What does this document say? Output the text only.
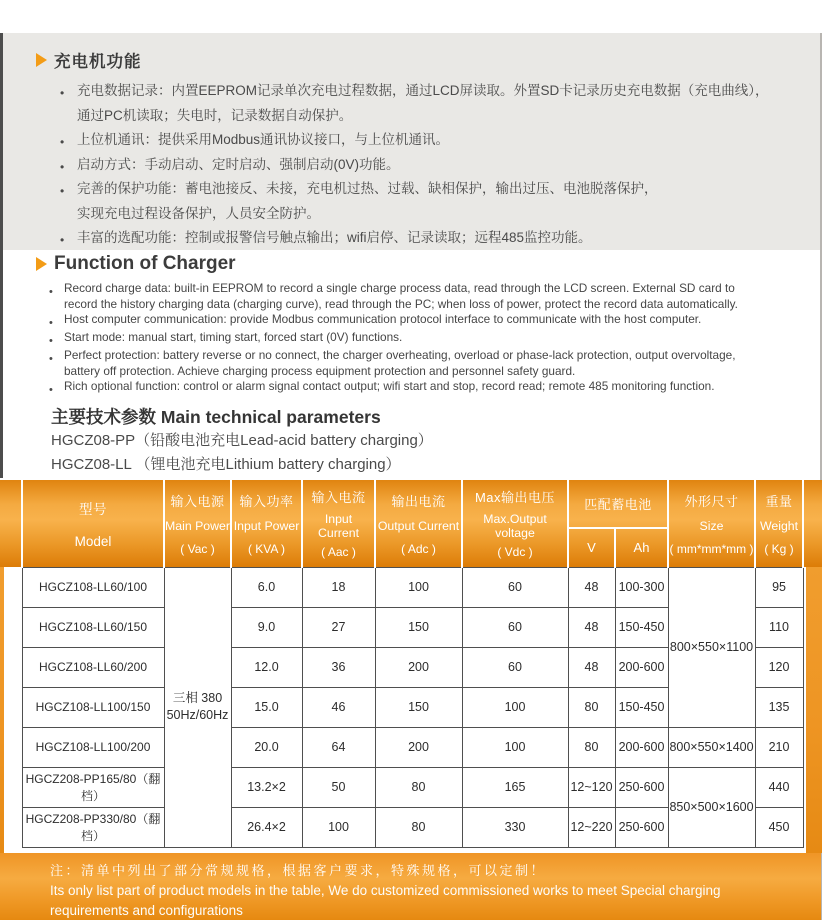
充电机功能
•
充电数据记录：内置EEPROM记录单次充电过程数据，通过LCD屏读取。外置SD卡记录历史充电数据（充电曲线），
通过PC机读取；失电时，记录数据自动保护。
•
上位机通讯：提供采用Modbus通讯协议接口，与上位机通讯。
•
启动方式：手动启动、定时启动、强制启动(0V)功能。
•
完善的保护功能：蓄电池接反、未接，充电机过热、过载、缺相保护，输出过压、电池脱落保护，
实现充电过程设备保护，人员安全防护。
•
丰富的选配功能：控制或报警信号触点输出；wifi启停、记录读取；远程485监控功能。
Function of Charger
•
Record charge data: built-in EEPROM to record a single charge process data, read through the LCD screen. External SD card to
record the history charging data (charging curve), read through the PC; when loss of power, protect the record data automatically.
•
Host computer communication: provide Modbus communication protocol interface to communicate with the host computer.
•
Start mode: manual start, timing start, forced start (0V) functions.
•
Perfect protection: battery reverse or no connect, the charger overheating, overload or phase-lack protection, output overvoltage,
battery off protection. Achieve charging process equipment protection and personnel safety guard.
•
Rich optional function: control or alarm signal contact output; wifi start and stop, record read; remote 485 monitoring function.
主要技术参数 Main technical parameters
HGCZ08-PP（铅酸电池充电Lead-acid battery charging）
HGCZ08-LL （锂电池充电Lithium battery charging）
型号
Model	输入电源
Main Power
( Vac )	输入功率
Input Power
( KVA )	输入电流
Input Current
( Aac )	输出电流
Output Current
( Adc )	Max输出电压
Max.Output voltage
( Vdc )	匹配蓄电池		外形尺寸
Size
( mm*mm*mm )	重量
Weight
( Kg )

						V	Ah		

HGCZ108-LL60/100	三相 380
50Hz/60Hz	6.0	18	100	60	48	100-300	800×550×1100	95
HGCZ108-LL60/150		9.0	27	150	60	48	150-450		110
HGCZ108-LL60/200		12.0	36	200	60	48	200-600		120
HGCZ108-LL100/150		15.0	46	150	100	80	150-450		135
HGCZ108-LL100/200		20.0	64	200	100	80	200-600	800×550×1400	210
HGCZ208-PP165/80（翻档）		13.2×2	50	80	165	12~120	250-600	850×500×1600	440
HGCZ208-PP330/80（翻档）		26.4×2	100	80	330	12~220	250-600		450
注：清单中列出了部分常规规格，根据客户要求，特殊规格，可以定制！
Its only list part of product models in the table, We do customized commissioned works to meet Special charging
requirements and configurations
